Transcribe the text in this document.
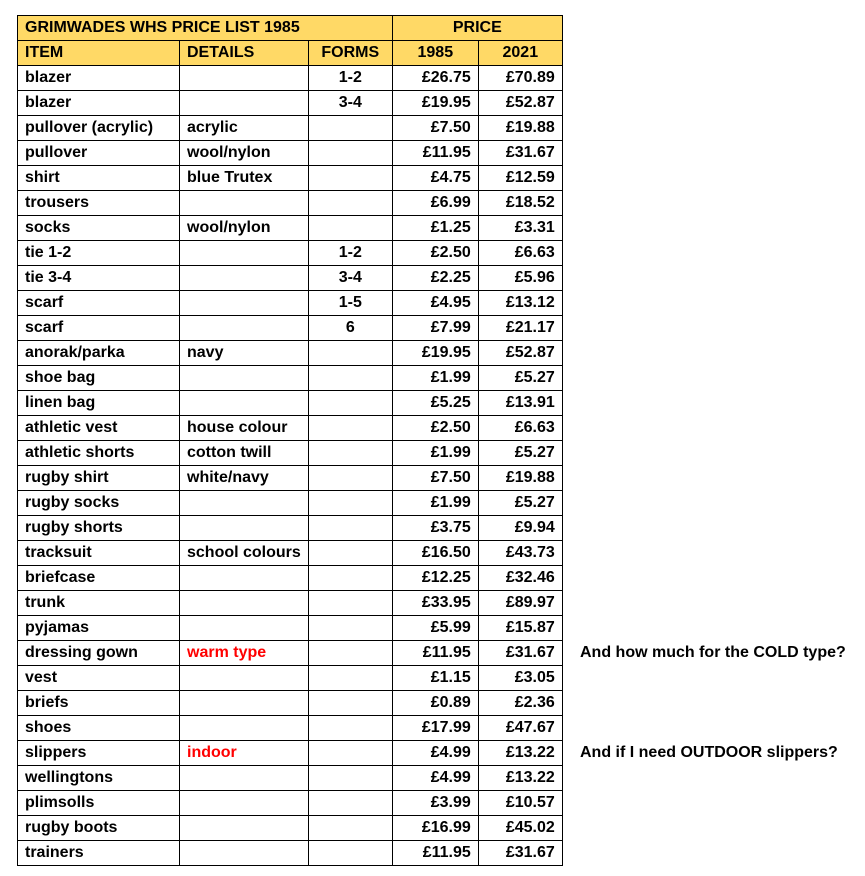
GRIMWADES WHS PRICE LIST 1985			PRICE	
ITEM	DETAILS	FORMS	1985	2021
blazer		1-2	£26.75	£70.89
blazer		3-4	£19.95	£52.87
pullover (acrylic)	acrylic		£7.50	£19.88
pullover	wool/nylon		£11.95	£31.67
shirt	blue Trutex		£4.75	£12.59
trousers			£6.99	£18.52
socks	wool/nylon		£1.25	£3.31
tie 1-2		1-2	£2.50	£6.63
tie 3-4		3-4	£2.25	£5.96
scarf		1-5	£4.95	£13.12
scarf		6	£7.99	£21.17
anorak/parka	navy		£19.95	£52.87
shoe bag			£1.99	£5.27
linen bag			£5.25	£13.91
athletic vest	house colour		£2.50	£6.63
athletic shorts	cotton twill		£1.99	£5.27
rugby shirt	white/navy		£7.50	£19.88
rugby socks			£1.99	£5.27
rugby shorts			£3.75	£9.94
tracksuit	school colours		£16.50	£43.73
briefcase			£12.25	£32.46
trunk			£33.95	£89.97
pyjamas			£5.99	£15.87
dressing gown	warm type		£11.95	£31.67
vest			£1.15	£3.05
briefs			£0.89	£2.36
shoes			£17.99	£47.67
slippers	indoor		£4.99	£13.22
wellingtons			£4.99	£13.22
plimsolls			£3.99	£10.57
rugby boots			£16.99	£45.02
trainers			£11.95	£31.67
And how much for the COLD type?
And if I need OUTDOOR slippers?
